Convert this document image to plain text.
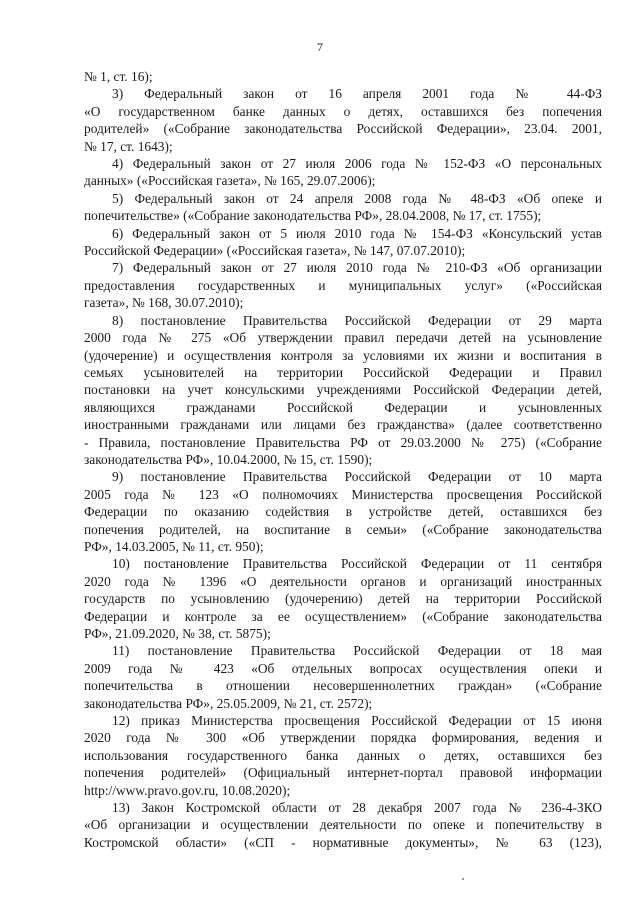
7
№ 1, ст. 16);
3) Федеральный закон от 16 апреля 2001 года № 44-ФЗ
«О государственном банке данных о детях, оставшихся без попечения
родителей» («Собрание законодательства Российской Федерации», 23.04. 2001,
№ 17, ст. 1643);
4) Федеральный закон от 27 июля 2006 года № 152-ФЗ «О персональных
данных» («Российская газета», № 165, 29.07.2006);
5) Федеральный закон от 24 апреля 2008 года № 48-ФЗ «Об опеке и
попечительстве» («Собрание законодательства РФ», 28.04.2008, № 17, ст. 1755);
6) Федеральный закон от 5 июля 2010 года № 154-ФЗ «Консульский устав
Российской Федерации» («Российская газета», № 147, 07.07.2010);
7) Федеральный закон от 27 июля 2010 года № 210-ФЗ «Об организации
предоставления государственных и муниципальных услуг» («Российская
газета», № 168, 30.07.2010);
8) постановление Правительства Российской Федерации от 29 марта
2000 года № 275 «Об утверждении правил передачи детей на усыновление
(удочерение) и осуществления контроля за условиями их жизни и воспитания в
семьях усыновителей на территории Российской Федерации и Правил
постановки на учет консульскими учреждениями Российской Федерации детей,
являющихся гражданами Российской Федерации и усыновленных
иностранными гражданами или лицами без гражданства» (далее соответственно
- Правила, постановление Правительства РФ от 29.03.2000 № 275) («Собрание
законодательства РФ», 10.04.2000, № 15, ст. 1590);
9) постановление Правительства Российской Федерации от 10 марта
2005 года № 123 «О полномочиях Министерства просвещения Российской
Федерации по оказанию содействия в устройстве детей, оставшихся без
попечения родителей, на воспитание в семьи» («Собрание законодательства
РФ», 14.03.2005, № 11, ст. 950);
10) постановление Правительства Российской Федерации от 11 сентября
2020 года № 1396 «О деятельности органов и организаций иностранных
государств по усыновлению (удочерению) детей на территории Российской
Федерации и контроле за ее осуществлением» («Собрание законодательства
РФ», 21.09.2020, № 38, ст. 5875);
11) постановление Правительства Российской Федерации от 18 мая
2009 года № 423 «Об отдельных вопросах осуществления опеки и
попечительства в отношении несовершеннолетних граждан» («Собрание
законодательства РФ», 25.05.2009, № 21, ст. 2572);
12) приказ Министерства просвещения Российской Федерации от 15 июня
2020 года № 300 «Об утверждении порядка формирования, ведения и
использования государственного банка данных о детях, оставшихся без
попечения родителей» (Официальный интернет-портал правовой информации
http://www.pravo.gov.ru, 10.08.2020);
13) Закон Костромской области от 28 декабря 2007 года № 236-4-ЗКО
«Об организации и осуществлении деятельности по опеке и попечительству в
Костромской области» («СП - нормативные документы», № 63 (123),
